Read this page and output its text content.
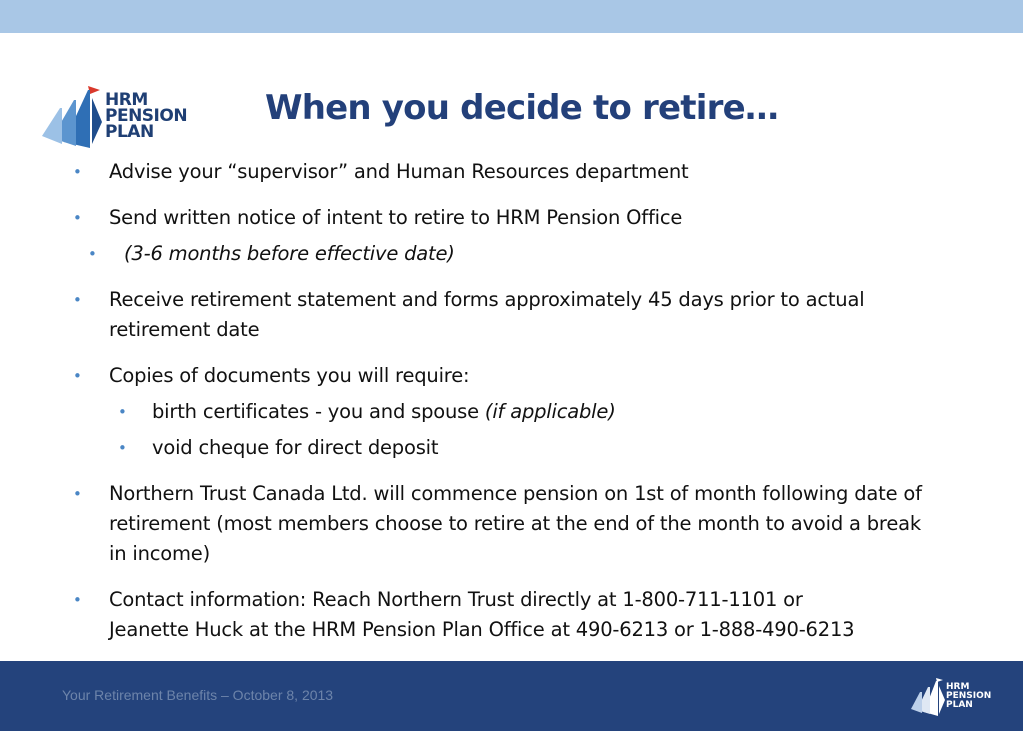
HRM
PENSION
PLAN
When you decide to retire…
• Advise your “supervisor” and Human Resources department
• Send written notice of intent to retire to HRM Pension Office
• (3-6 months before effective date)
• Receive retirement statement and forms approximately 45 days prior to actual
retirement date
• Copies of documents you will require:
• birth certificates - you and spouse (if applicable)
• void cheque for direct deposit
• Northern Trust Canada Ltd. will commence pension on 1st of month following date of
retirement (most members choose to retire at the end of the month to avoid a break
in income)
• Contact information: Reach Northern Trust directly at 1-800-711-1101 or
Jeanette Huck at the HRM Pension Plan Office at 490-6213 or 1-888-490-6213
Your Retirement Benefits – October 8, 2013	HRM
PENSION
PLAN
